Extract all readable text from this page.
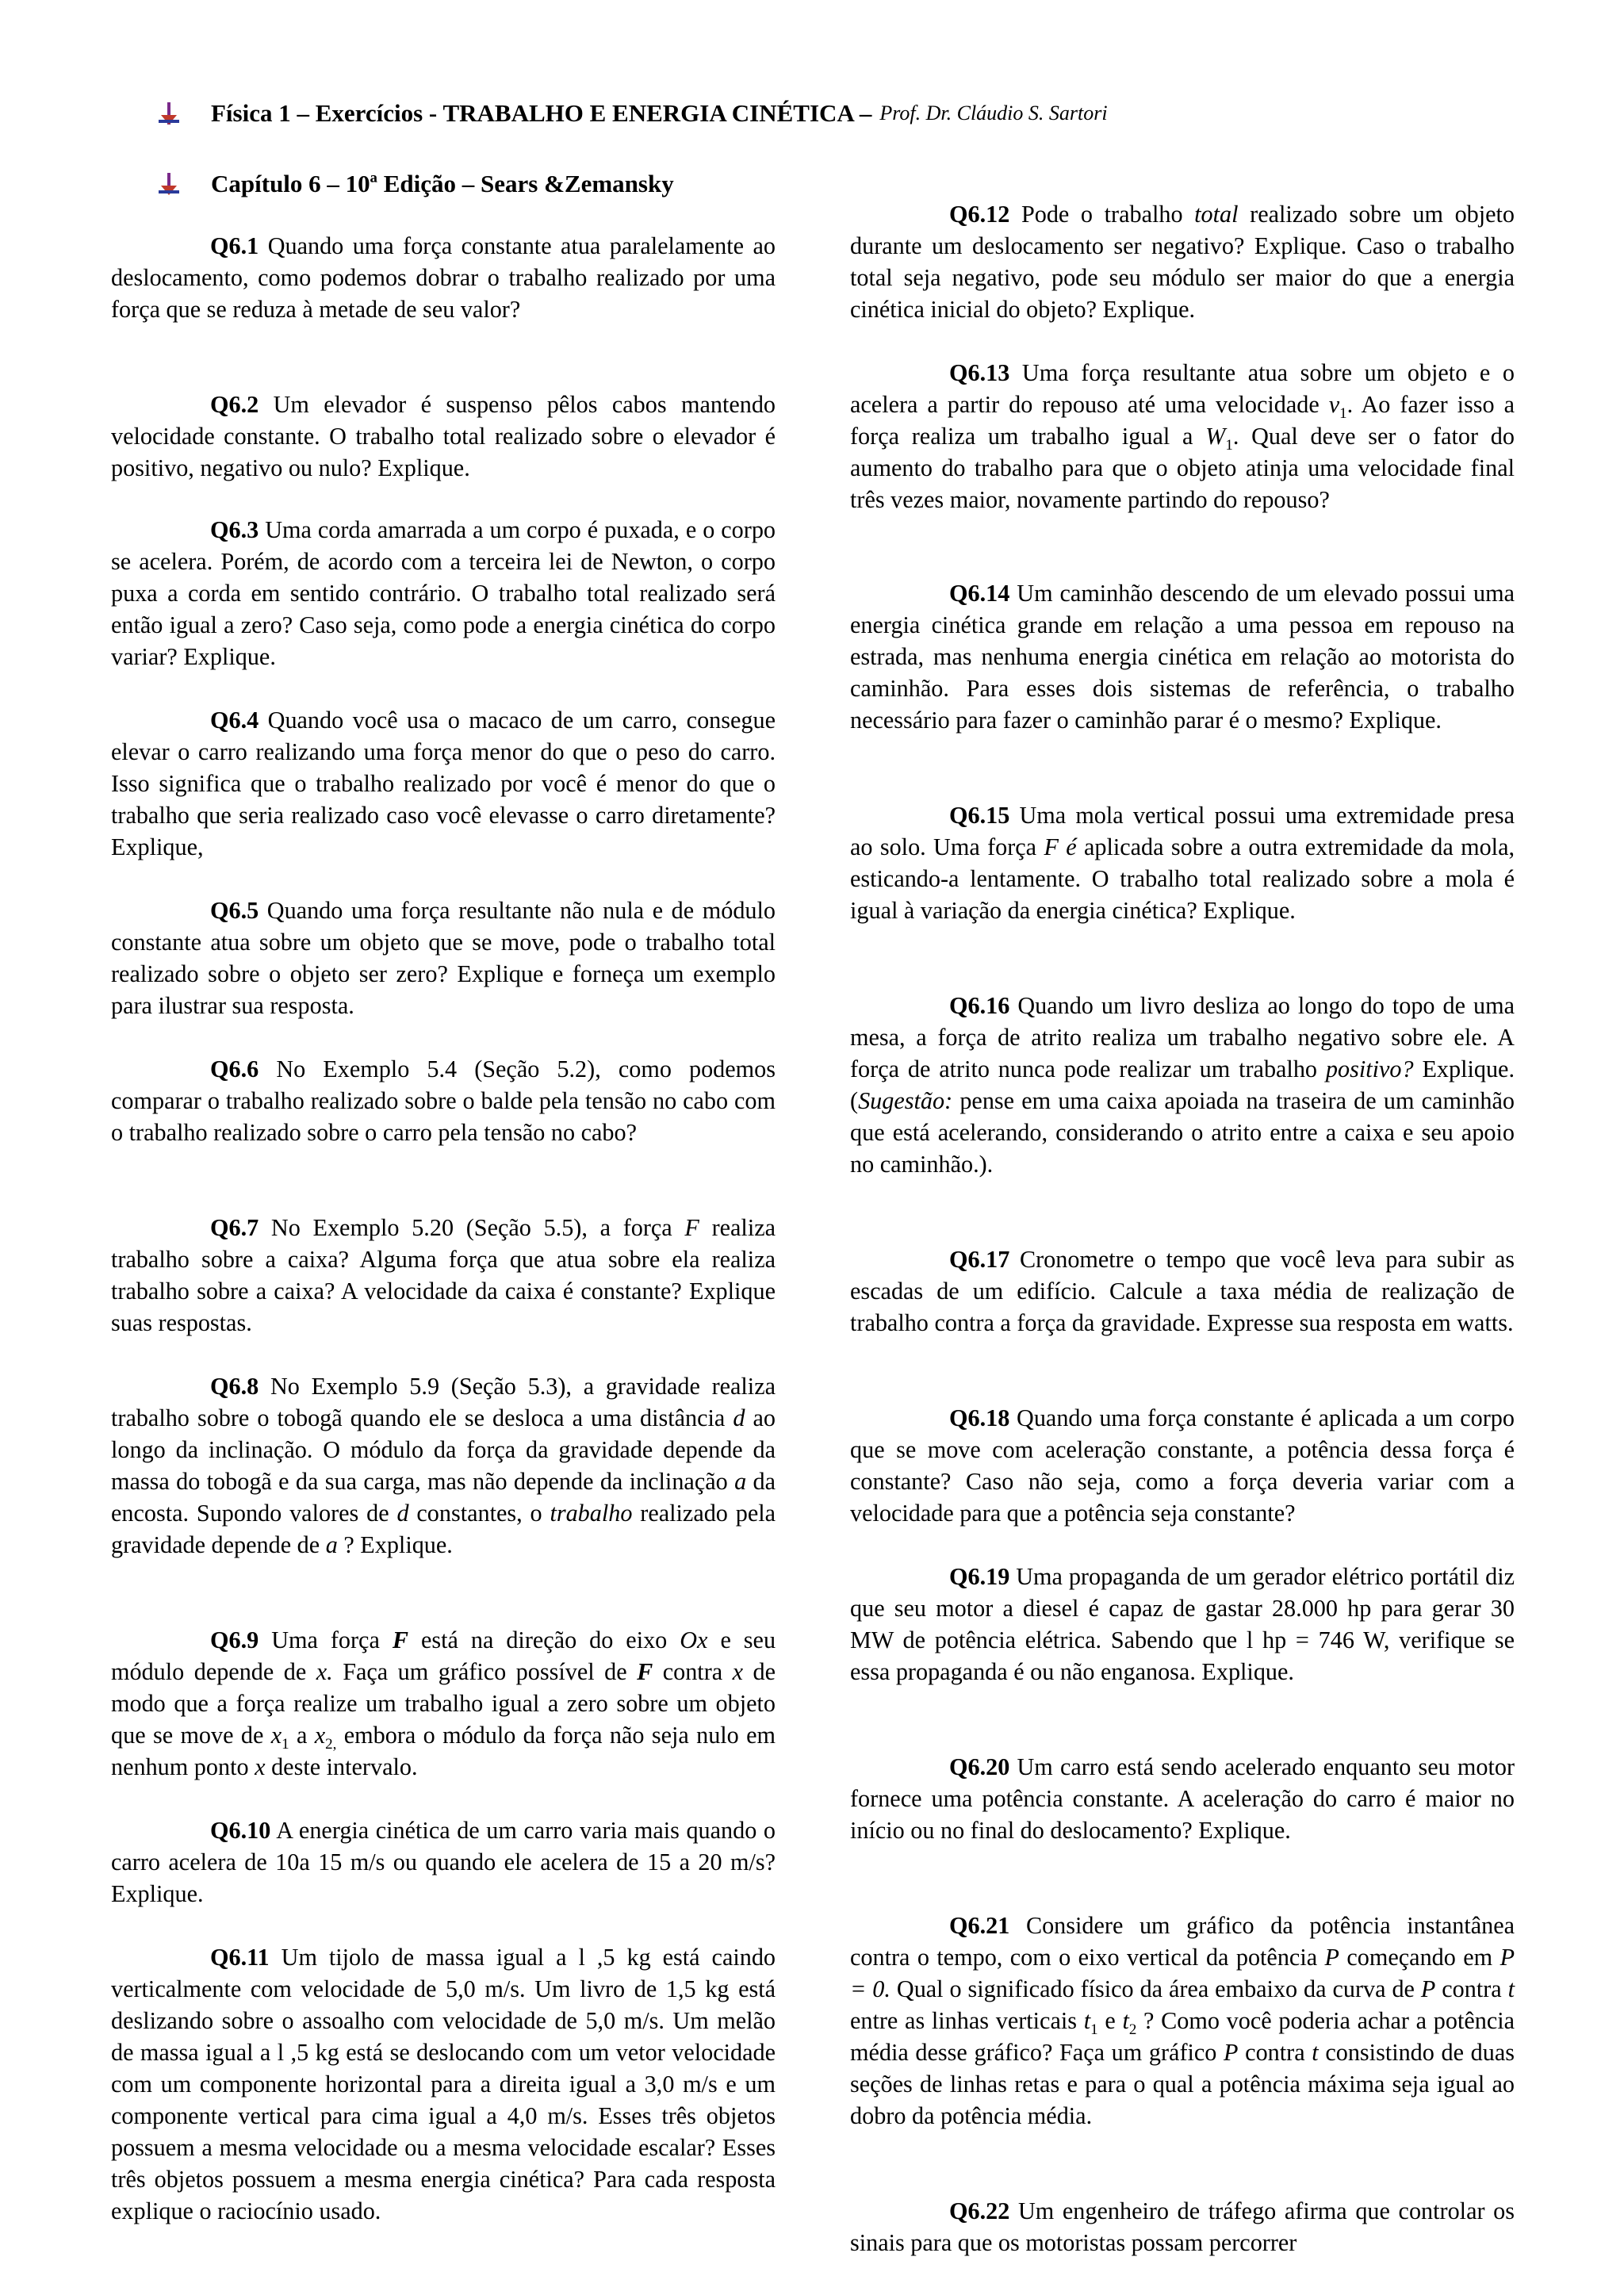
Física 1 – Exercícios - TRABALHO E ENERGIA CINÉTICA – Prof. Dr. Cláudio S. Sartori
Capítulo 6 – 10ª Edição – Sears &Zemansky

Q6.1 Quando uma força constante atua paralelamente ao deslocamento, como podemos dobrar o trabalho realizado por uma força que se reduza à metade de seu valor?

Q6.2 Um elevador é suspenso pêlos cabos mantendo velocidade constante. O trabalho total realizado sobre o elevador é positivo, negativo ou nulo? Explique.

Q6.3 Uma corda amarrada a um corpo é puxada, e o corpo se acelera. Porém, de acordo com a terceira lei de Newton, o corpo puxa a corda em sentido contrário. O trabalho total realizado será então igual a zero? Caso seja, como pode a energia cinética do corpo variar? Explique.

Q6.4 Quando você usa o macaco de um carro, consegue elevar o carro realizando uma força menor do que o peso do carro. Isso significa que o trabalho realizado por você é menor do que o trabalho que seria realizado caso você elevasse o carro diretamente? Explique,

Q6.5 Quando uma força resultante não nula e de módulo constante atua sobre um objeto que se move, pode o trabalho total realizado sobre o objeto ser zero? Explique e forneça um exemplo para ilustrar sua resposta.

Q6.6 No Exemplo 5.4 (Seção 5.2), como podemos comparar o trabalho realizado sobre o balde pela tensão no cabo com o trabalho realizado sobre o carro pela tensão no cabo?

Q6.7 No Exemplo 5.20 (Seção 5.5), a força F realiza trabalho sobre a caixa? Alguma força que atua sobre ela realiza trabalho sobre a caixa? A velocidade da caixa é constante? Explique suas respostas.

Q6.8 No Exemplo 5.9 (Seção 5.3), a gravidade realiza trabalho sobre o tobogã quando ele se desloca a uma distância d ao longo da inclinação. O módulo da força da gravidade depende da massa do tobogã e da sua carga, mas não depende da inclinação a da encosta. Supondo valores de d constantes, o trabalho realizado pela gravidade depende de a ? Explique.

Q6.9 Uma força F está na direção do eixo Ox e seu módulo depende de x. Faça um gráfico possível de F contra x de modo que a força realize um trabalho igual a zero sobre um objeto que se move de $x_1$ a $x_{2,}$ embora o módulo da força não seja nulo em nenhum ponto x deste intervalo.

Q6.10 A energia cinética de um carro varia mais quando o carro acelera de 10a 15 m/s ou quando ele acelera de 15 a 20 m/s? Explique.

Q6.11 Um tijolo de massa igual a l ,5 kg está caindo verticalmente com velocidade de 5,0 m/s. Um livro de 1,5 kg está deslizando sobre o assoalho com velocidade de 5,0 m/s. Um melão de massa igual a l ,5 kg está se deslocando com um vetor velocidade com um componente horizontal para a direita igual a 3,0 m/s e um componente vertical para cima igual a 4,0 m/s. Esses três objetos possuem a mesma velocidade ou a mesma velocidade escalar? Esses três objetos possuem a mesma energia cinética? Para cada resposta explique o raciocínio usado.

Q6.12 Pode o trabalho total realizado sobre um objeto durante um deslocamento ser negativo? Explique. Caso o trabalho total seja negativo, pode seu módulo ser maior do que a energia cinética inicial do objeto? Explique.

Q6.13 Uma força resultante atua sobre um objeto e o acelera a partir do repouso até uma velocidade $v_1$. Ao fazer isso a força realiza um trabalho igual a $W_1$. Qual deve ser o fator do aumento do trabalho para que o objeto atinja uma velocidade final três vezes maior, novamente partindo do repouso?

Q6.14 Um caminhão descendo de um elevado possui uma energia cinética grande em relação a uma pessoa em repouso na estrada, mas nenhuma energia cinética em relação ao motorista do caminhão. Para esses dois sistemas de referência, o trabalho necessário para fazer o caminhão parar é o mesmo? Explique.

Q6.15 Uma mola vertical possui uma extremidade presa ao solo. Uma força F é aplicada sobre a outra extremidade da mola, esticando-a lentamente. O trabalho total realizado sobre a mola é igual à variação da energia cinética? Explique.

Q6.16 Quando um livro desliza ao longo do topo de uma mesa, a força de atrito realiza um trabalho negativo sobre ele. A força de atrito nunca pode realizar um trabalho positivo? Explique. (Sugestão: pense em uma caixa apoiada na traseira de um caminhão que está acelerando, considerando o atrito entre a caixa e seu apoio no caminhão.).

Q6.17 Cronometre o tempo que você leva para subir as escadas de um edifício. Calcule a taxa média de realização de trabalho contra a força da gravidade. Expresse sua resposta em watts.

Q6.18 Quando uma força constante é aplicada a um corpo que se move com aceleração constante, a potência dessa força é constante? Caso não seja, como a força deveria variar com a velocidade para que a potência seja constante?

Q6.19 Uma propaganda de um gerador elétrico portátil diz que seu motor a diesel é capaz de gastar 28.000 hp para gerar 30 MW de potência elétrica. Sabendo que l hp = 746 W, verifique se essa propaganda é ou não enganosa. Explique.

Q6.20 Um carro está sendo acelerado enquanto seu motor fornece uma potência constante. A aceleração do carro é maior no início ou no final do deslocamento? Explique.

Q6.21 Considere um gráfico da potência instantânea contra o tempo, com o eixo vertical da potência P começando em P = 0. Qual o significado físico da área embaixo da curva de P contra t entre as linhas verticais $t_1$ e $t_2$ ? Como você poderia achar a potência média desse gráfico? Faça um gráfico P contra t consistindo de duas seções de linhas retas e para o qual a potência máxima seja igual ao dobro da potência média.

Q6.22 Um engenheiro de tráfego afirma que controlar os sinais para que os motoristas possam percorrer
